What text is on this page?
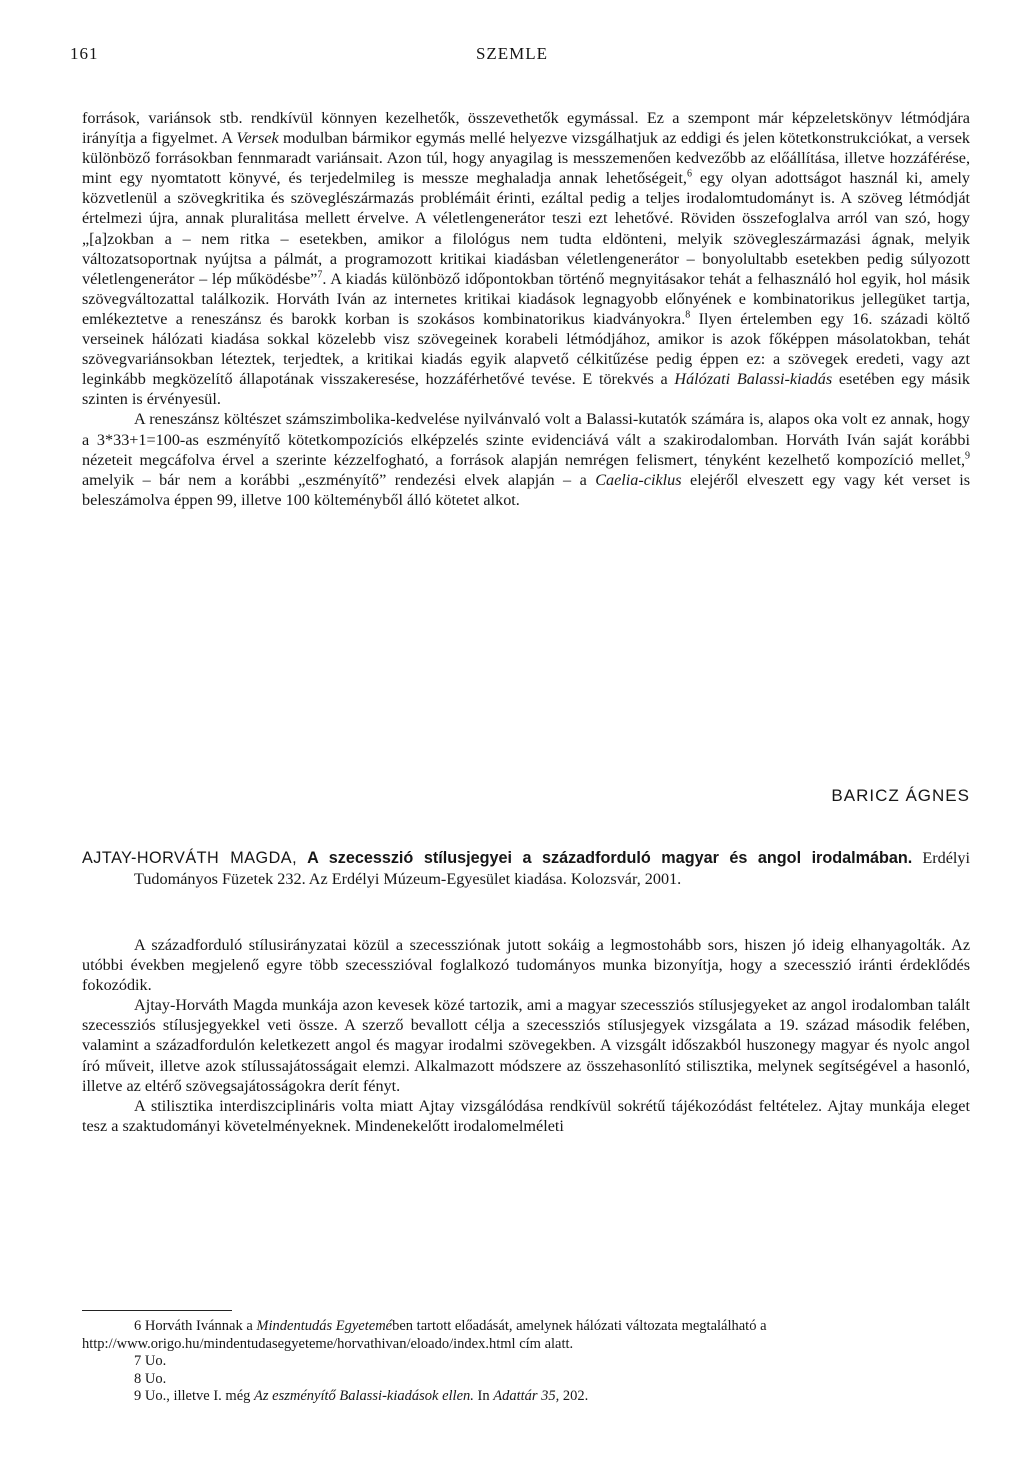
161	SZEMLE

források, variánsok stb. rendkívül könnyen kezelhetők, összevethetők egymással. Ez a szempont már képzeletskönyv létmódjára irányítja a figyelmet. A Versek modulban bármikor egymás mellé helyezve vizsgálhatjuk az eddigi és jelen kötetkonstrukciókat, a versek különböző forrásokban fennmaradt variánsait. Azon túl, hogy anyagilag is messzemenően kedvezőbb az előállítása, illetve hozzáférése, mint egy nyomtatott könyvé, és terjedelmileg is messze meghaladja annak lehetőségeit,$^6$ egy olyan adottságot használ ki, amely közvetlenül a szövegkritika és szöveglészármazás problémáit érinti, ezáltal pedig a teljes irodalomtudományt is. A szöveg létmódját értelmezi újra, annak pluralitása mellett érvelve. A véletlengenerátor teszi ezt lehetővé. Röviden összefoglalva arról van szó, hogy „[a]zokban a – nem ritka – esetekben, amikor a filológus nem tudta eldönteni, melyik szövegleszármazási ágnak, melyik változatsoportnak nyújtsa a pálmát, a programozott kritikai kiadásban véletlengenerátor – bonyolultabb esetekben pedig súlyozott véletlengenerátor – lép működésbe”$^7$. A kiadás különböző időpontokban történő megnyitásakor tehát a felhasználó hol egyik, hol másik szövegváltozattal találkozik. Horváth Iván az internetes kritikai kiadások legnagyobb előnyének e kombinatorikus jellegüket tartja, emlékeztetve a reneszánsz és barokk korban is szokásos kombinatorikus kiadványokra.$^8$ Ilyen értelemben egy 16. századi költő verseinek hálózati kiadása sokkal közelebb visz szövegeinek korabeli létmódjához, amikor is azok főképpen másolatokban, tehát szövegvariánsokban léteztek, terjedtek, a kritikai kiadás egyik alapvető célkitűzése pedig éppen ez: a szövegek eredeti, vagy azt leginkább megközelítő állapotának visszakeresése, hozzáférhetővé tevése. E törekvés a Hálózati Balassi-kiadás esetében egy másik szinten is érvényesül.

A reneszánsz költészet számszimbolika-kedvelése nyilvánvaló volt a Balassi-kutatók számára is, alapos oka volt ez annak, hogy a 3*33+1=100-as eszményítő kötetkompozíciós elképzelés szinte evidenciává vált a szakirodalomban. Horváth Iván saját korábbi nézeteit megcáfolva érvel a szerinte kézzelfogható, a források alapján nemrégen felismert, tényként kezelhető kompozíció mellet,$^9$ amelyik – bár nem a korábbi „eszményítő” rendezési elvek alapján – a Caelia-ciklus elejéről elveszett egy vagy két verset is beleszámolva éppen 99, illetve 100 költeményből álló kötetet alkot.

BARICZ ÁGNES

AJTAY-HORVÁTH MAGDA, A szecesszió stílusjegyei a századforduló magyar és angol irodalmában. Erdélyi Tudományos Füzetek 232. Az Erdélyi Múzeum-Egyesület kiadása. Kolozsvár, 2001.

A századforduló stílusirányzatai közül a szecessziónak jutott sokáig a legmostohább sors, hiszen jó ideig elhanyagolták. Az utóbbi években megjelenő egyre több szecesszióval foglalkozó tudományos munka bizonyítja, hogy a szecesszió iránti érdeklődés fokozódik.

Ajtay-Horváth Magda munkája azon kevesek közé tartozik, ami a magyar szecessziós stílusjegyeket az angol irodalomban talált szecessziós stílusjegyekkel veti össze. A szerző bevallott célja a szecessziós stílusjegyek vizsgálata a 19. század második felében, valamint a századfordulón keletkezett angol és magyar irodalmi szövegekben. A vizsgált időszakból huszonegy magyar és nyolc angol író műveit, illetve azok stílussajátosságait elemzi. Alkalmazott módszere az összehasonlító stilisztika, melynek segítségével a hasonló, illetve az eltérő szövegsajátosságokra derít fényt.

A stilisztika interdiszciplináris volta miatt Ajtay vizsgálódása rendkívül sokrétű tájékozódást feltételez. Ajtay munkája eleget tesz a szaktudományi követelményeknek. Mindenekelőtt irodalomelméleti

6 Horváth Ivánnak a Mindentudás Egyetemében tartott előadását, amelynek hálózati változata megtalálható a http://www.origo.hu/mindentudasegyeteme/horvathivan/eloado/index.html cím alatt.

7 Uo.

8 Uo.

9 Uo., illetve I. még Az eszményítő Balassi-kiadások ellen. In Adattár 35, 202.
